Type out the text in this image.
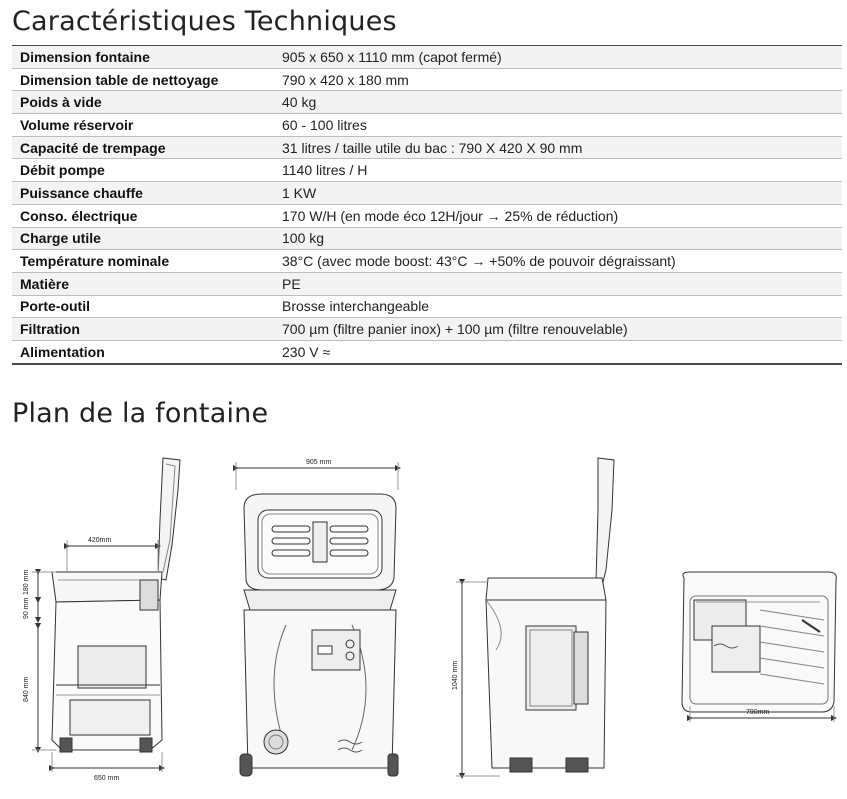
Caractéristiques Techniques
Dimension fontaine	905 x 650 x 1110 mm (capot fermé)
Dimension table de nettoyage	790 x 420 x 180 mm
Poids à vide	40 kg
Volume réservoir	60 - 100 litres
Capacité de trempage	31 litres / taille utile du bac : 790 X 420 X 90 mm
Débit pompe	1140 litres / H
Puissance chauffe	1 KW
Conso. électrique	170 W/H (en mode éco 12H/jour → 25% de réduction)
Charge utile	100 kg
Température nominale	38°C (avec mode boost: 43°C → +50% de pouvoir dégraissant)
Matière	PE
Porte-outil	Brosse interchangeable
Filtration	700 µm (filtre panier inox) + 100 µm (filtre renouvelable)
Alimentation	230 V ≈
Plan de la fontaine
420mm
180 mm
90 mm
840 mm
650 mm
905 mm
1040 mm
790mm
